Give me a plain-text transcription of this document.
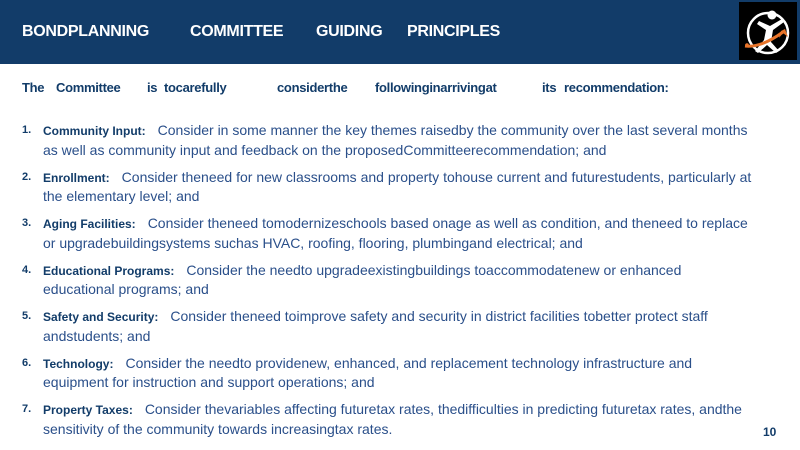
BONDPLANNING	COMMITTEE GUIDING PRINCIPLES
The Committee is tocarefully	considerthe followinginarrivingat	its recommendation:
1. Community Input: Consider in some manner the key themes raisedby the community over the last several months as well as community input and feedback on the proposedCommitteerecommendation; and
2. Enrollment: Consider theneed for new classrooms and property tohouse current and futurestudents, particularly at the elementary level; and
3. Aging Facilities: Consider theneed tomodernizeschools based onage as well as condition, and theneed to replace or upgradebuildingsystems suchas HVAC, roofing, flooring, plumbingand electrical; and
4. Educational Programs: Consider the needto upgradeexistingbuildings toaccommodatenew or enhanced educational programs; and
5. Safety and Security: Consider theneed toimprove safety and security in district facilities tobetter protect staff andstudents; and
6. Technology: Consider the needto providenew, enhanced, and replacement technology infrastructure and equipment for instruction and support operations; and
7. Property Taxes: Consider thevariables affecting futuretax rates, thedifficulties in predicting futuretax rates, andthe sensitivity of the community towards increasingtax rates.	10
